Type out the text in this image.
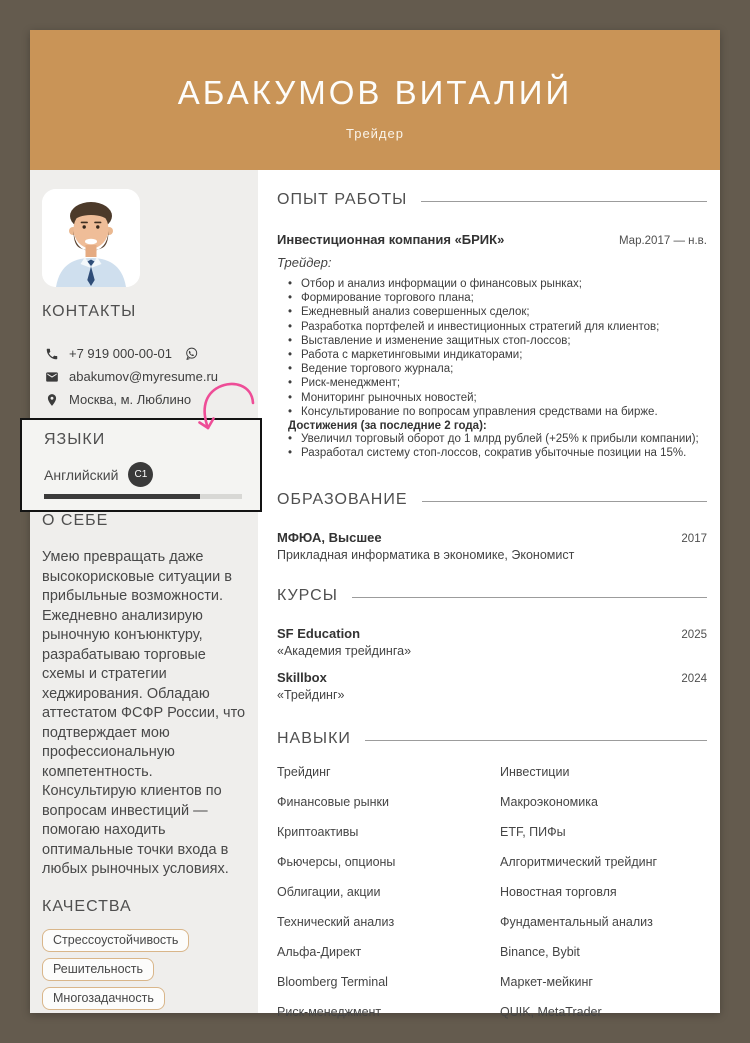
АБАКУМОВ ВИТАЛИЙ
Трейдер
КОНТАКТЫ
+7 919 000-00-01
abakumov@myresume.ru
Москва, м. Люблино
О СЕБЕ
Умею превращать даже высокорисковые ситуации в прибыльные возможности. Ежедневно анализирую рыночную конъюнктуру, разрабатываю торговые схемы и стратегии хеджирования. Обладаю аттестатом ФСФР России, что подтверждает мою профессиональную компетентность. Консультирую клиентов по вопросам инвестиций — помогаю находить оптимальные точки входа в любых рыночных условиях.
КАЧЕСТВА
Стрессоустойчивость
Решительность
Многозадачность
ОПЫТ РАБОТЫ
Инвестиционная компания «БРИК»	Мар.2017 — н.в.
Трейдер:
• Отбор и анализ информации о финансовых рынках;
• Формирование торгового плана;
• Ежедневный анализ совершенных сделок;
• Разработка портфелей и инвестиционных стратегий для клиентов;
• Выставление и изменение защитных стоп-лоссов;
• Работа с маркетинговыми индикаторами;
• Ведение торгового журнала;
• Риск-менеджмент;
• Мониторинг рыночных новостей;
• Консультирование по вопросам управления средствами на бирже.
Достижения (за последние 2 года):
• Увеличил торговый оборот до 1 млрд рублей (+25% к прибыли компании);
• Разработал систему стоп-лоссов, сократив убыточные позиции на 15%.
ОБРАЗОВАНИЕ
МФЮА, Высшее	2017
Прикладная информатика в экономике, Экономист
КУРСЫ
SF Education	2025
«Академия трейдинга»
Skillbox	2024
«Трейдинг»
НАВЫКИ
Трейдинг	Инвестиции
Финансовые рынки	Макроэкономика
Криптоактивы	ETF, ПИФы
Фьючерсы, опционы	Алгоритмический трейдинг
Облигации, акции	Новостная торговля
Технический анализ	Фундаментальный анализ
Альфа-Директ	Binance, Bybit
Bloomberg Terminal	Маркет-мейкинг
Риск-менеджмент	QUIK, MetaTrader
ЯЗЫКИ
Английский	C1
